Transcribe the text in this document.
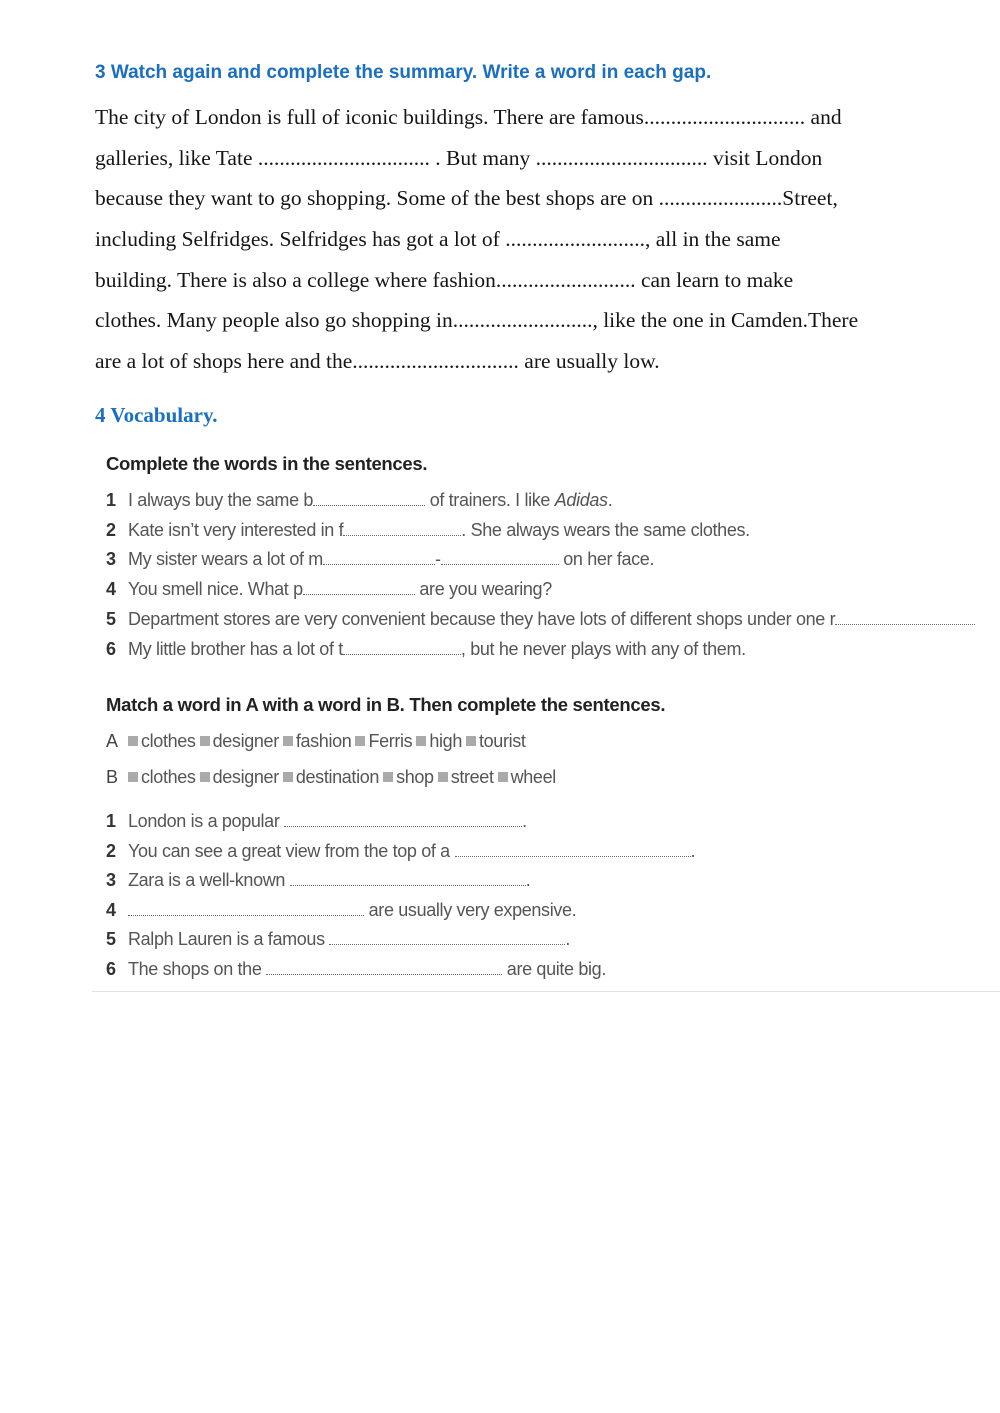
3 Watch again and complete the summary. Write a word in each gap.
The city of London is full of iconic buildings. There are famous.............................. and
galleries, like Tate ................................ . But many ................................ visit London
because they want to go shopping. Some of the best shops are on .......................Street,
including Selfridges. Selfridges has got a lot of .........................., all in the same
building. There is also a college where fashion.......................... can learn to make
clothes. Many people also go shopping in.........................., like the one in Camden.There
are a lot of shops here and the............................... are usually low.
4 Vocabulary.
Complete the words in the sentences.
1 I always buy the same b	of trainers. I like Adidas.
2 Kate isn’t very interested in f	. She always wears the same clothes.
3 My sister wears a lot of m	-	on her face.
4 You smell nice. What p	are you wearing?
5 Department stores are very convenient because they have lots of different shops under one r
6 My little brother has a lot of t	, but he never plays with any of them.
Match a word in A with a word in B. Then complete the sentences.
A clothes designer fashion Ferris high tourist
B clothes designer destination shop street wheel
1 London is a popular	.
2 You can see a great view from the top of a	.
3 Zara is a well-known	.
4	are usually very expensive.
5 Ralph Lauren is a famous	.
6 The shops on the	are quite big.
